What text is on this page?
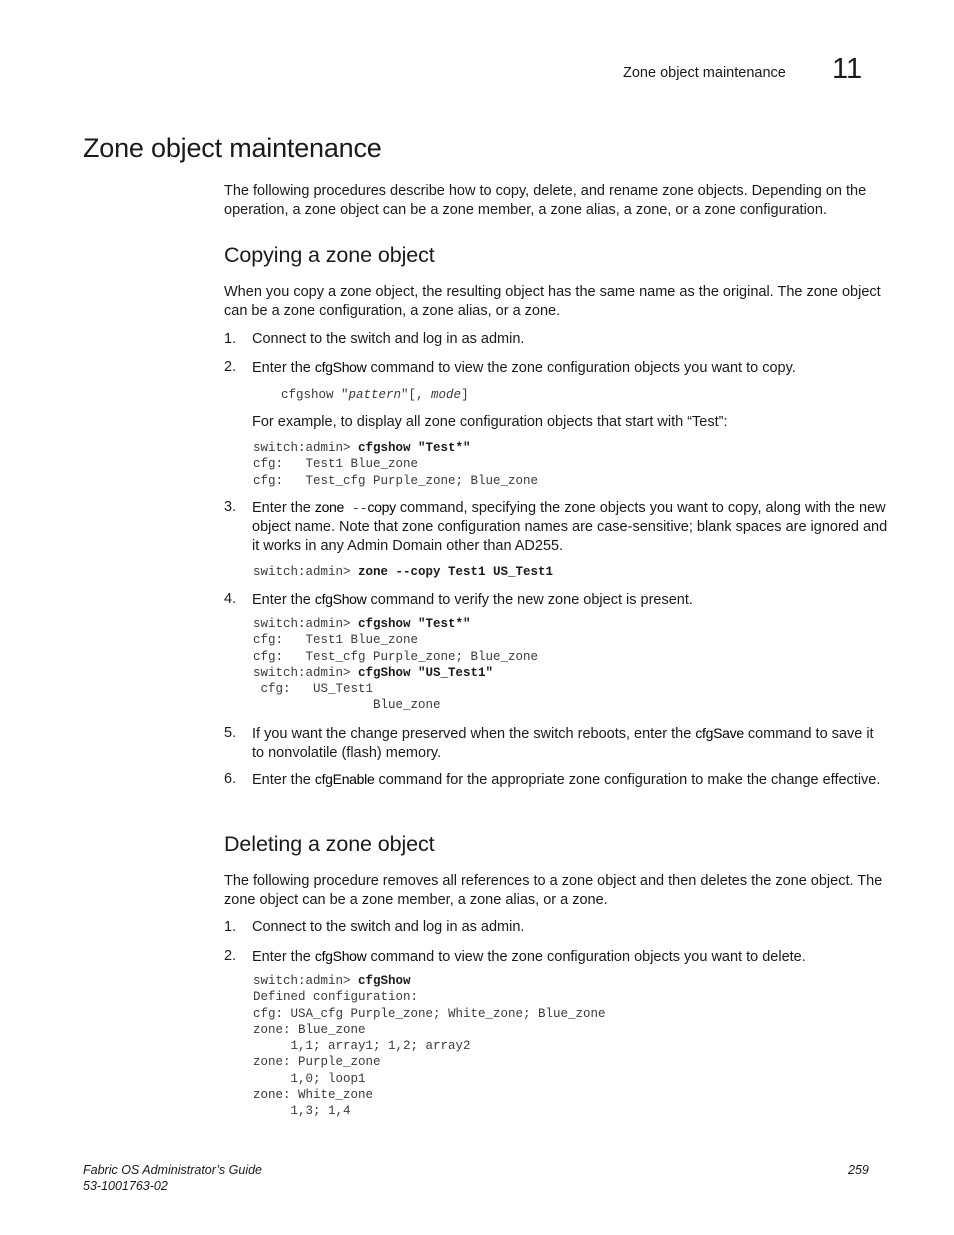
Zone object maintenance 11
Zone object maintenance

The following procedures describe how to copy, delete, and rename zone objects. Depending on the operation, a zone object can be a zone member, a zone alias, a zone, or a zone configuration.

Copying a zone object

When you copy a zone object, the resulting object has the same name as the original. The zone object can be a zone configuration, a zone alias, or a zone.

1. Connect to the switch and log in as admin.
2. Enter the cfgShow command to view the zone configuration objects you want to copy.
cfgshow "pattern"[, mode]

For example, to display all zone configuration objects that start with “Test”:

switch:admin> cfgshow "Test*"
cfg:   Test1 Blue_zone
cfg:   Test_cfg Purple_zone; Blue_zone
3. Enter the zone --copy command, specifying the zone objects you want to copy, along with the new object name. Note that zone configuration names are case-sensitive; blank spaces are ignored and it works in any Admin Domain other than AD255.
switch:admin> zone --copy Test1 US_Test1
4. Enter the cfgShow command to verify the new zone object is present.
switch:admin> cfgshow "Test*"
cfg:   Test1 Blue_zone
cfg:   Test_cfg Purple_zone; Blue_zone
switch:admin> cfgShow "US_Test1"
cfg:   US_Test1
Blue_zone
5. If you want the change preserved when the switch reboots, enter the cfgSave command to save it to nonvolatile (flash) memory.
6. Enter the cfgEnable command for the appropriate zone configuration to make the change effective.
Deleting a zone object

The following procedure removes all references to a zone object and then deletes the zone object. The zone object can be a zone member, a zone alias, or a zone.

1. Connect to the switch and log in as admin.
2. Enter the cfgShow command to view the zone configuration objects you want to delete.
switch:admin> cfgShow
Defined configuration:
cfg: USA_cfg Purple_zone; White_zone; Blue_zone
zone: Blue_zone
1,1; array1; 1,2; array2
zone: Purple_zone
1,0; loop1
zone: White_zone
1,3; 1,4
Fabric OS Administrator’s Guide
53-1001763-02
259
